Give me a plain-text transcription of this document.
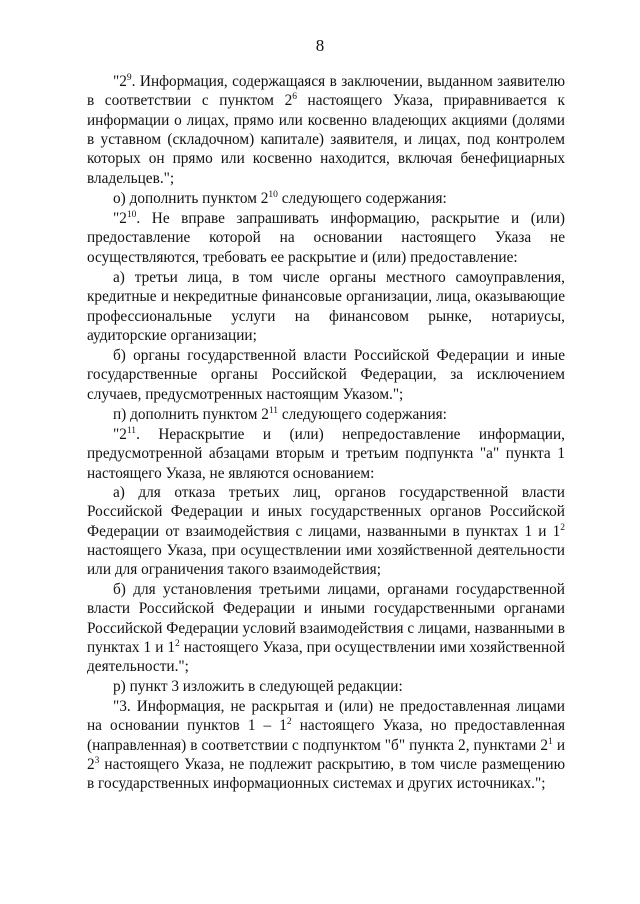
8

"$2^9$. Информация, содержащаяся в заключении, выданном заявителю в соответствии с пунктом $2^6$ настоящего Указа, приравнивается к информации о лицах, прямо или косвенно владеющих акциями (долями в уставном (складочном) капитале) заявителя, и лицах, под контролем которых он прямо или косвенно находится, включая бенефициарных владельцев.";

о) дополнить пунктом $2^{10}$ следующего содержания:

"$2^{10}$. Не вправе запрашивать информацию, раскрытие и (или) предоставление которой на основании настоящего Указа не осуществляются, требовать ее раскрытие и (или) предоставление:

а) третьи лица, в том числе органы местного самоуправления, кредитные и некредитные финансовые организации, лица, оказывающие профессиональные услуги на финансовом рынке, нотариусы, аудиторские организации;

б) органы государственной власти Российской Федерации и иные государственные органы Российской Федерации, за исключением случаев, предусмотренных настоящим Указом.";

п) дополнить пунктом $2^{11}$ следующего содержания:

"$2^{11}$. Нераскрытие и (или) непредоставление информации, предусмотренной абзацами вторым и третьим подпункта "а" пункта 1 настоящего Указа, не являются основанием:

а) для отказа третьих лиц, органов государственной власти Российской Федерации и иных государственных органов Российской Федерации от взаимодействия с лицами, названными в пунктах 1 и $1^2$ настоящего Указа, при осуществлении ими хозяйственной деятельности или для ограничения такого взаимодействия;

б) для установления третьими лицами, органами государственной власти Российской Федерации и иными государственными органами Российской Федерации условий взаимодействия с лицами, названными в пунктах 1 и $1^2$ настоящего Указа, при осуществлении ими хозяйственной деятельности.";

р) пункт 3 изложить в следующей редакции:

"3. Информация, не раскрытая и (или) не предоставленная лицами на основании пунктов $1 - 1^2$ настоящего Указа, но предоставленная (направленная) в соответствии с подпунктом "б" пункта 2, пунктами $2^1$ и $2^3$ настоящего Указа, не подлежит раскрытию, в том числе размещению в государственных информационных системах и других источниках.";
